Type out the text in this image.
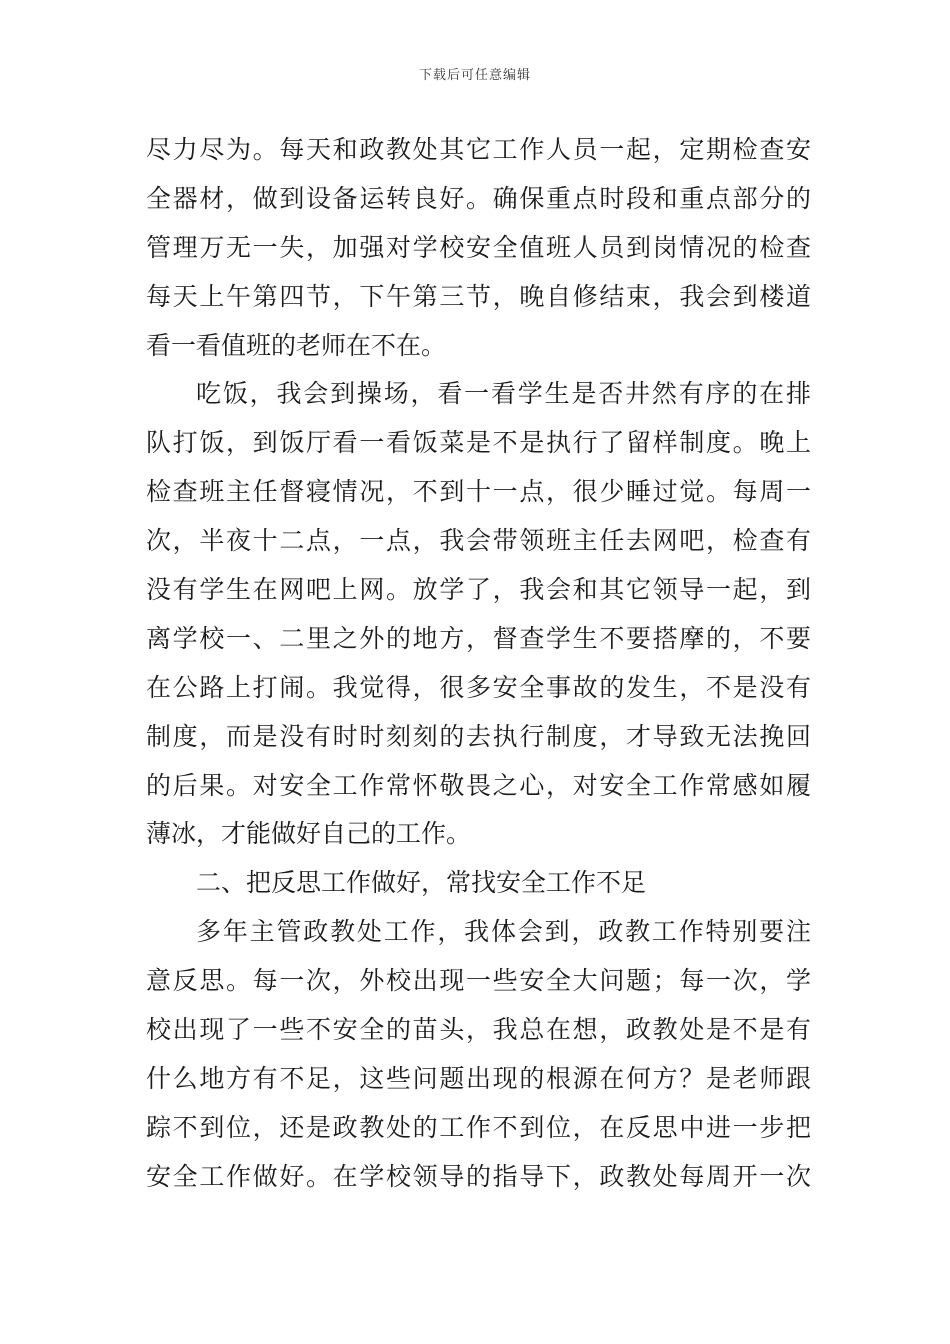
下载后可任意编辑
尽力尽为。每天和政教处其它工作人员一起，定期检查安
全器材，做到设备运转良好。确保重点时段和重点部分的
管理万无一失，加强对学校安全值班人员到岗情况的检查
每天上午第四节，下午第三节，晚自修结束，我会到楼道
看一看值班的老师在不在。
吃饭，我会到操场，看一看学生是否井然有序的在排
队打饭，到饭厅看一看饭菜是不是执行了留样制度。晚上
检查班主任督寝情况，不到十一点，很少睡过觉。每周一
次，半夜十二点，一点，我会带领班主任去网吧，检查有
没有学生在网吧上网。放学了，我会和其它领导一起，到
离学校一、二里之外的地方，督查学生不要搭摩的，不要
在公路上打闹。我觉得，很多安全事故的发生，不是没有
制度，而是没有时时刻刻的去执行制度，才导致无法挽回
的后果。对安全工作常怀敬畏之心，对安全工作常感如履
薄冰，才能做好自己的工作。
二、把反思工作做好，常找安全工作不足
多年主管政教处工作，我体会到，政教工作特别要注
意反思。每一次，外校出现一些安全大问题；每一次，学
校出现了一些不安全的苗头，我总在想，政教处是不是有
什么地方有不足，这些问题出现的根源在何方？是老师跟
踪不到位，还是政教处的工作不到位，在反思中进一步把
安全工作做好。在学校领导的指导下，政教处每周开一次
